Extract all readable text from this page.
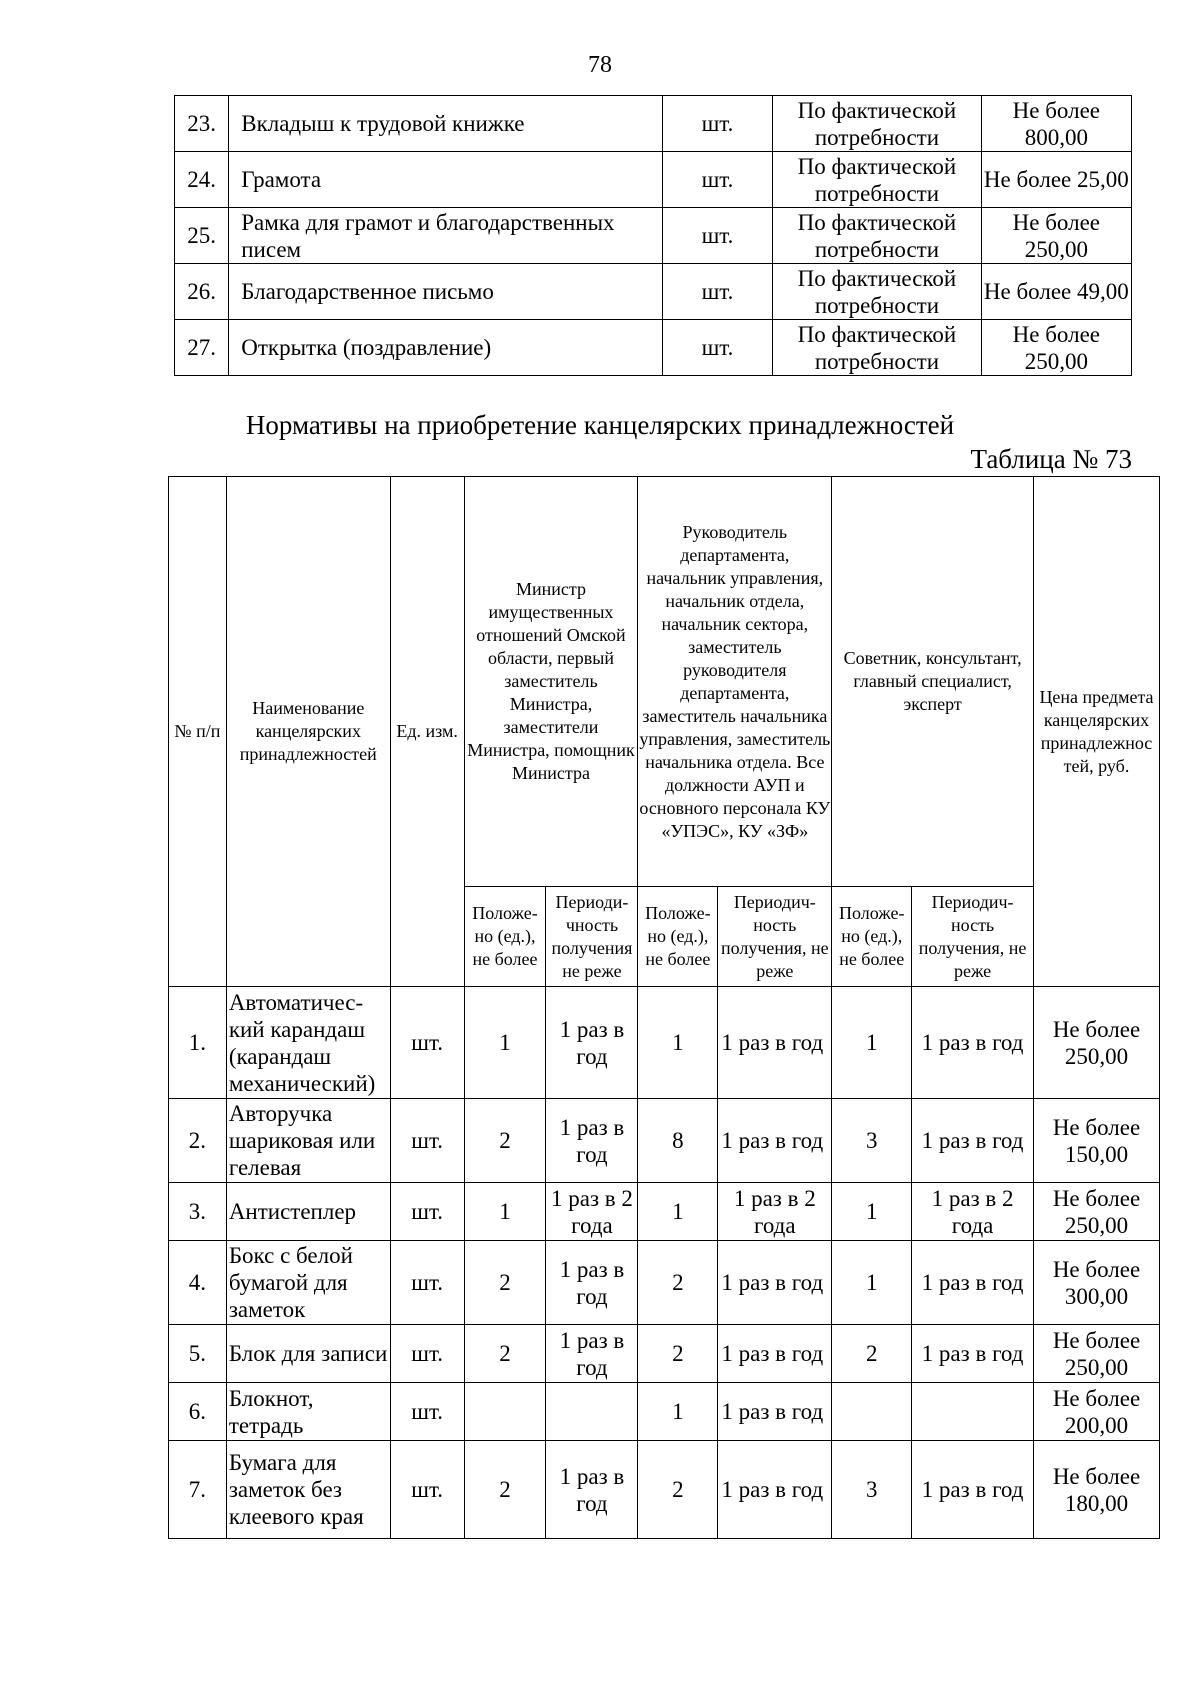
78
23.	Вкладыш к трудовой книжке	шт.	По фактической потребности	Не более 800,00
24.	Грамота	шт.	По фактической потребности	Не более 25,00
25.	Рамка для грамот и благодарственных писем	шт.	По фактической потребности	Не более 250,00
26.	Благодарственное письмо	шт.	По фактической потребности	Не более 49,00
27.	Открытка (поздравление)	шт.	По фактической потребности	Не более 250,00
Нормативы на приобретение канцелярских принадлежностей
Таблица № 73
№ п/п	Наименование канцелярских принадлежностей	Ед. изм.	Министр имущественных отношений Омской области, первый заместитель Министра, заместители Министра, помощник Министра		Руководитель департамента, начальник управления, начальник отдела, начальник сектора, заместитель руководителя департамента, заместитель начальника управления, заместитель начальника отдела. Все должности АУП и основного персонала КУ «УПЭС», КУ «ЗФ»		Советник, консультант, главный специалист, эксперт		Цена предмета канцелярских принадлежнос тей, руб.
			Положе-но (ед.), не более	Периоди-чность получения не реже	Положе-но (ед.), не более	Периодич-ность получения, не реже	Положе-но (ед.), не более	Периодич-ность получения, не реже	
1.	Автоматичес-кий карандаш (карандаш механический)	шт.	1	1 раз в год	1	1 раз в год	1	1 раз в год	Не более 250,00
2.	Авторучка шариковая или гелевая	шт.	2	1 раз в год	8	1 раз в год	3	1 раз в год	Не более 150,00
3.	Антистеплер	шт.	1	1 раз в 2 года	1	1 раз в 2 года	1	1 раз в 2 года	Не более 250,00
4.	Бокс с белой бумагой для заметок	шт.	2	1 раз в год	2	1 раз в год	1	1 раз в год	Не более 300,00
5.	Блок для записи	шт.	2	1 раз в год	2	1 раз в год	2	1 раз в год	Не более 250,00
6.	Блокнот, тетрадь	шт.			1	1 раз в год			Не более 200,00
7.	Бумага для заметок без клеевого края	шт.	2	1 раз в год	2	1 раз в год	3	1 раз в год	Не более 180,00
